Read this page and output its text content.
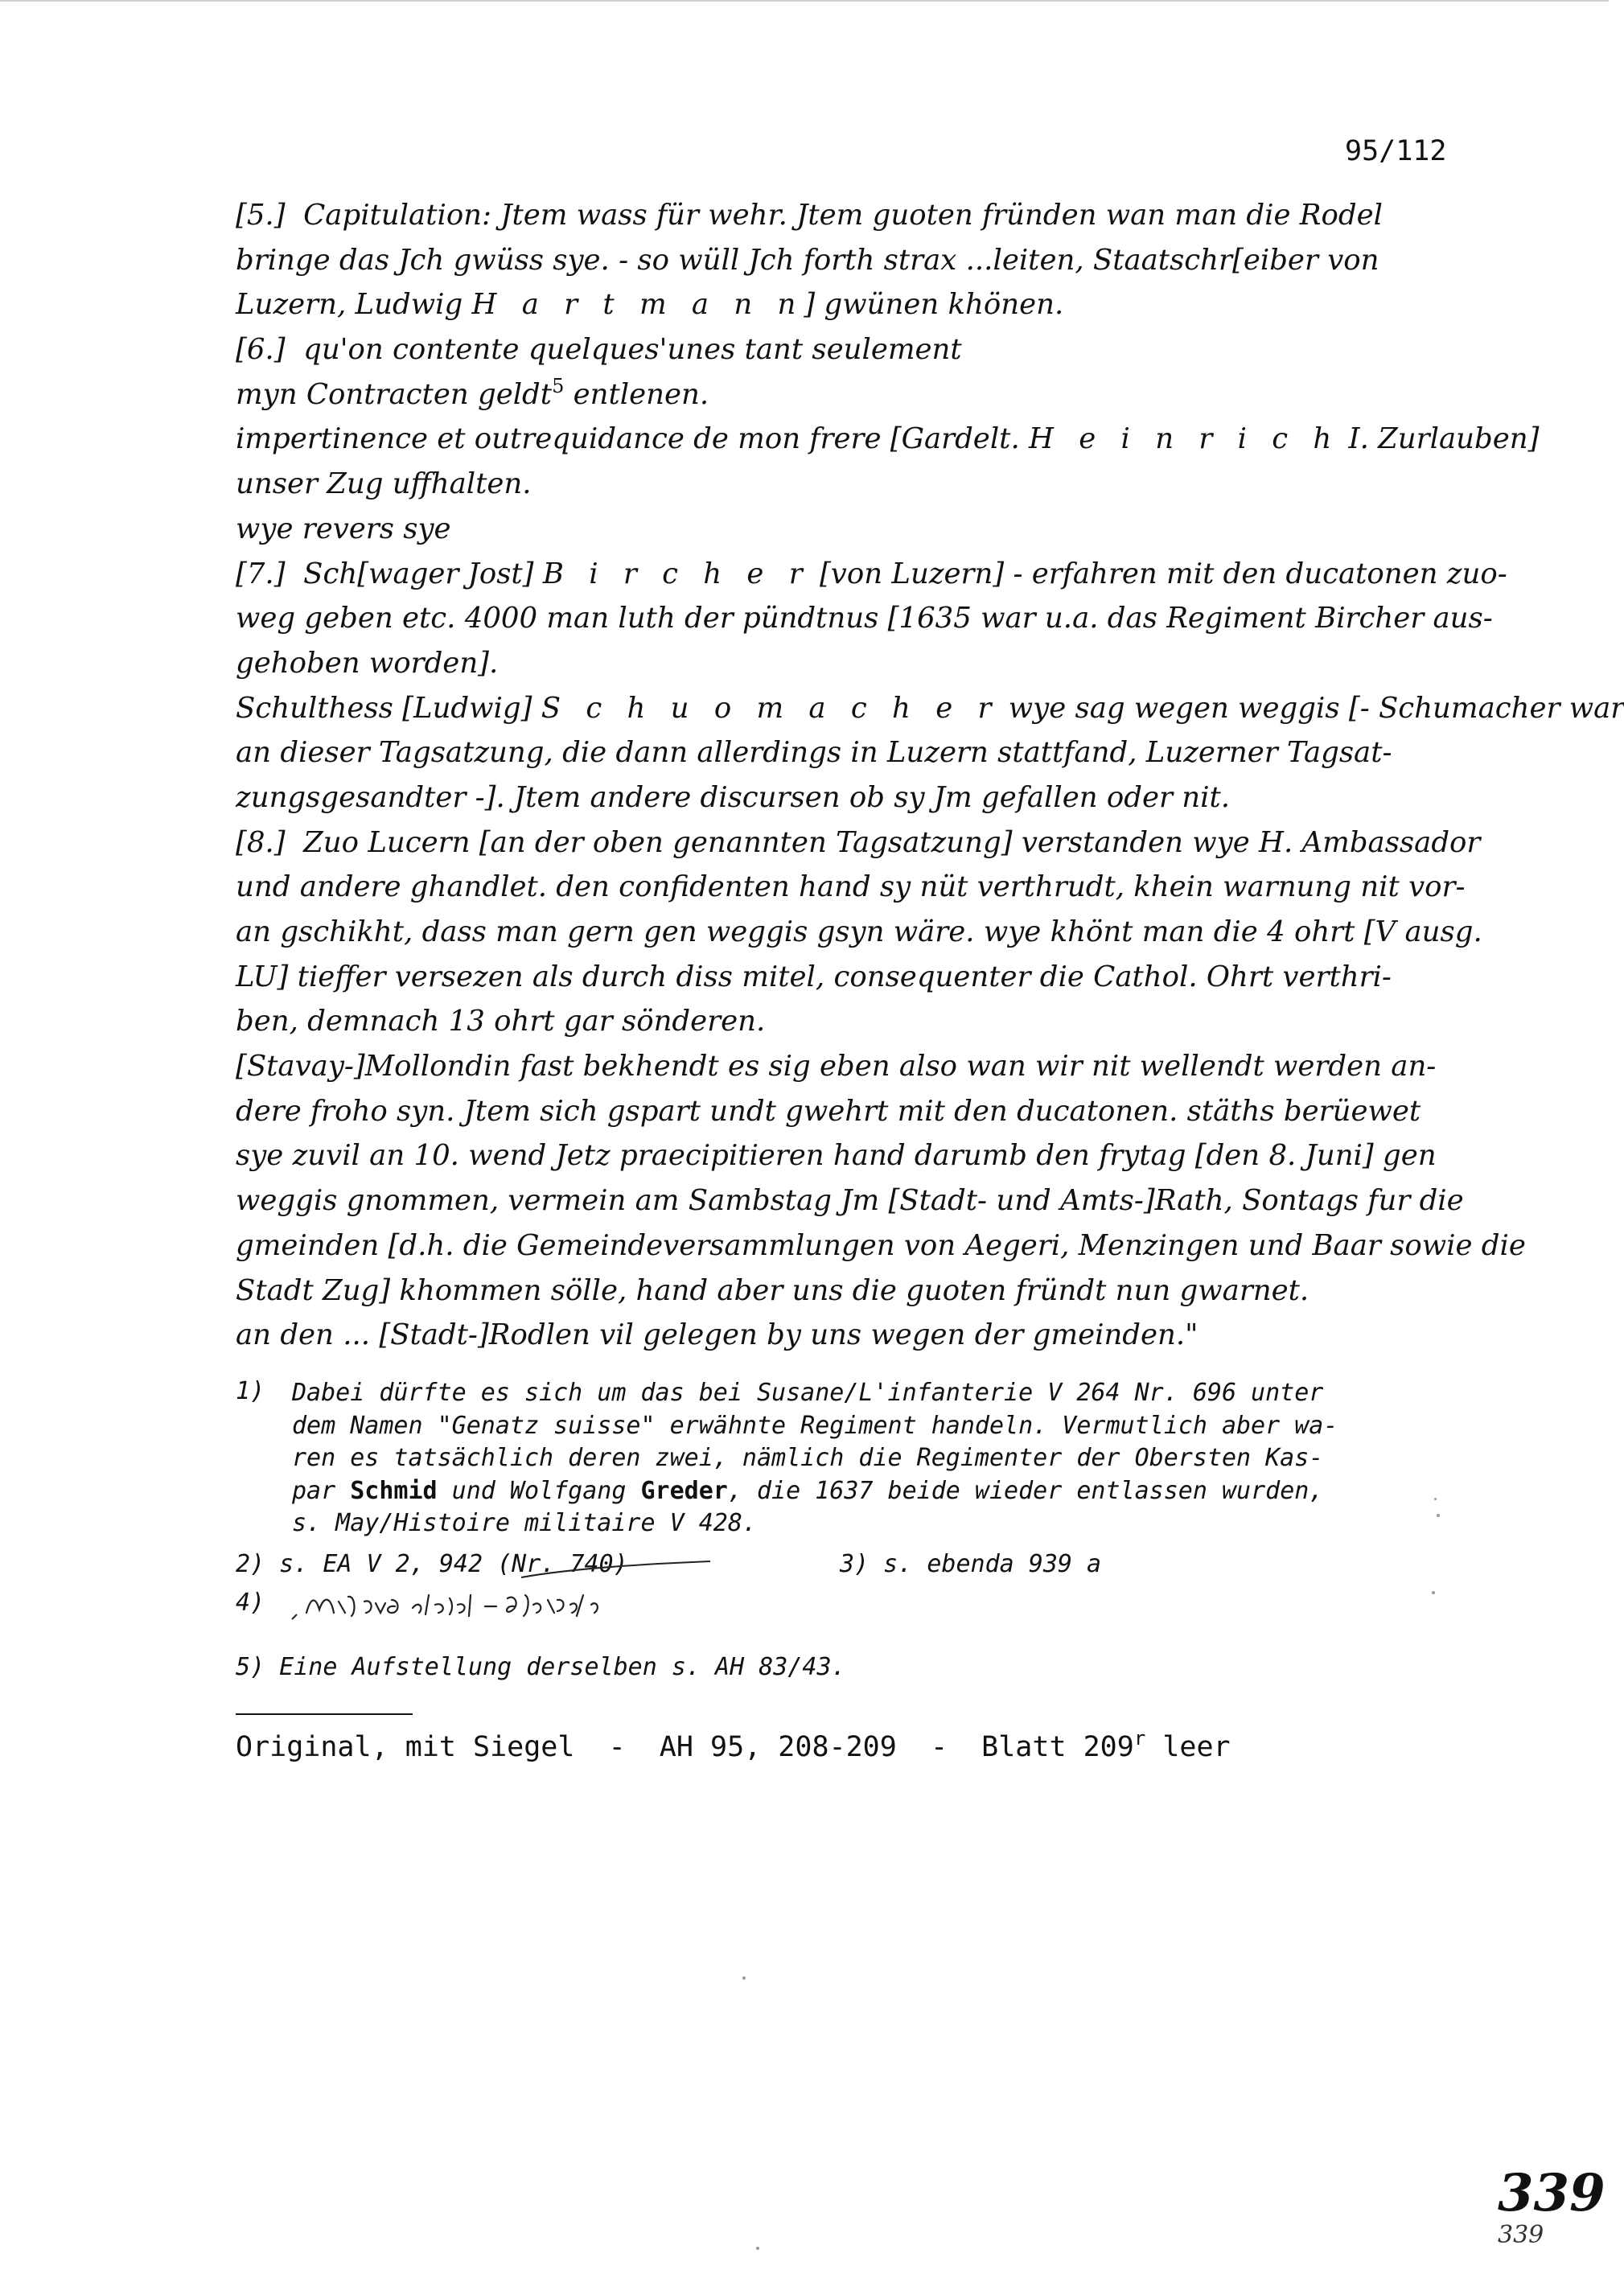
95/112
[5.]  Capitulation: Jtem wass für wehr. Jtem guoten fründen wan man die Rodel
bringe das Jch gwüss sye. - so wüll Jch forth strax ...leiten, Staatschr[eiber von
Luzern, Ludwig H a r t m a n n] gwünen khönen.
[6.]  qu'on contente quelques'unes tant seulement
myn Contracten geldt$^5$ entlenen.
impertinence et outrequidance de mon frere [Gardelt. H e i n r i c h I. Zurlauben]
unser Zug uffhalten.
wye revers sye
[7.]  Sch[wager Jost] B i r c h e r [von Luzern] - erfahren mit den ducatonen zuo-
weg geben etc. 4000 man luth der pündtnus [1635 war u.a. das Regiment Bircher aus-
gehoben worden].
Schulthess [Ludwig] S c h u o m a c h e r wye sag wegen weggis [- Schumacher war
an dieser Tagsatzung, die dann allerdings in Luzern stattfand, Luzerner Tagsat-
zungsgesandter -]. Jtem andere discursen ob sy Jm gefallen oder nit.
[8.]  Zuo Lucern [an der oben genannten Tagsatzung] verstanden wye H. Ambassador
und andere ghandlet. den confidenten hand sy nüt verthrudt, khein warnung nit vor-
an gschikht, dass man gern gen weggis gsyn wäre. wye khönt man die 4 ohrt [V ausg.
LU] tieffer versezen als durch diss mitel, consequenter die Cathol. Ohrt verthri-
ben, demnach 13 ohrt gar sönderen.
[Stavay-]Mollondin fast bekhendt es sig eben also wan wir nit wellendt werden an-
dere froho syn. Jtem sich gspart undt gwehrt mit den ducatonen. stäths berüewet
sye zuvil an 10. wend Jetz praecipitieren hand darumb den frytag [den 8. Juni] gen
weggis gnommen, vermein am Sambstag Jm [Stadt- und Amts-]Rath, Sontags fur die
gmeinden [d.h. die Gemeindeversammlungen von Aegeri, Menzingen und Baar sowie die
Stadt Zug] khommen sölle, hand aber uns die guoten fründt nun gwarnet.
an den ... [Stadt-]Rodlen vil gelegen by uns wegen der gmeinden."
1) Dabei dürfte es sich um das bei Susane/L'infanterie V 264 Nr. 696 unter
dem Namen "Genatz suisse" erwähnte Regiment handeln. Vermutlich aber wa-
ren es tatsächlich deren zwei, nämlich die Regimenter der Obersten Kas-
par Schmid und Wolfgang Greder, die 1637 beide wieder entlassen wurden,
s. May/Histoire militaire V 428.
2) s. EA V 2, 942 (Nr. 740)	3) s. ebenda 939 a
4)
5) Eine Aufstellung derselben s. AH 83/43.
Original, mit Siegel  -  AH 95, 208-209  -  Blatt 209$^r$ leer
339
339
